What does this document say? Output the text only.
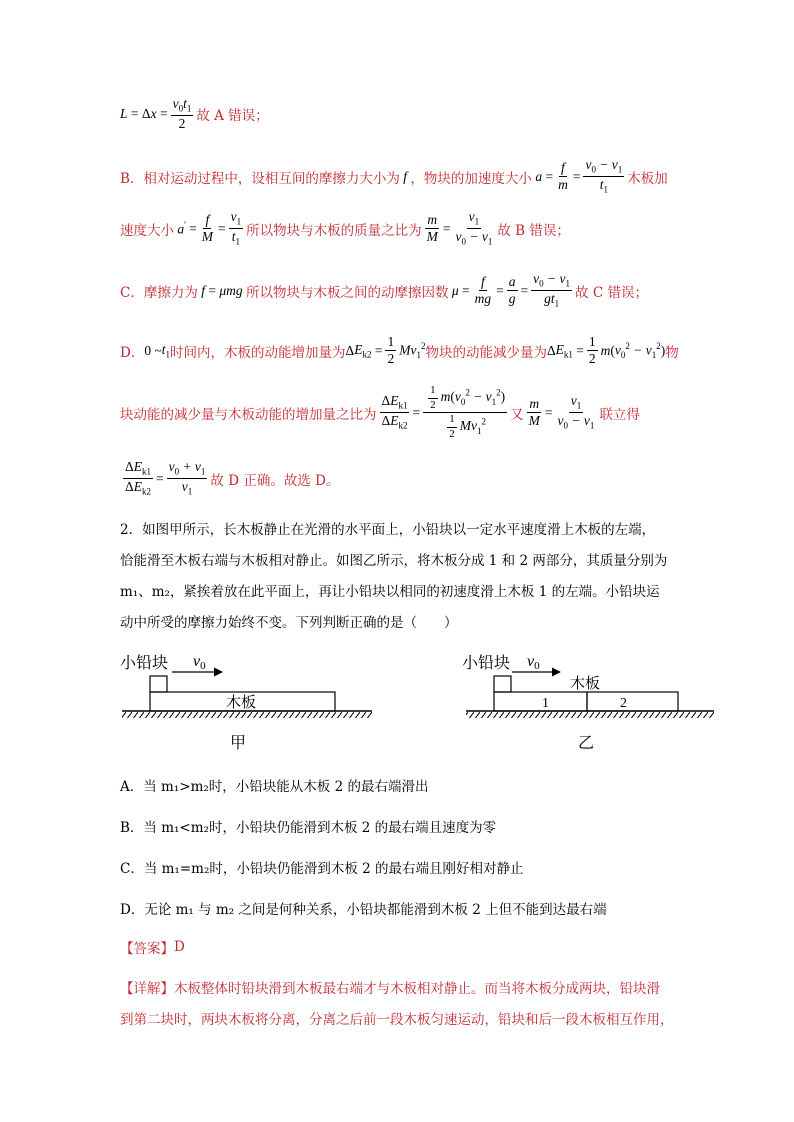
L = Δ $x = \frac{v_0t_1}{2}$ 故 A 错误；
B．相对运动过程中，设相互间的摩擦力大小为 f ，物块的加速度大小 $a = \frac{f}{m} = \frac{v_0 - v_1}{t_1}$ 木板加
速度大小 $a' = \frac{f}{M} = \frac{v_1}{t_1}$ 所以物块与木板的质量之比为 $\frac{m}{M} = \frac{v_1}{v_0 - v_1}$ 故 B 错误；
C．摩擦力为 f = μmg 所以物块与木板之间的动摩擦因数 $\mu = \frac{f}{mg} = \frac{a}{g} = \frac{v_0 - v_1}{gt_1}$ 故 C 错误；
D． 0 ~ $t_1$ 时间内，木板的动能增加量为 Δ $E_{k2} = \frac{1}{2} Mv_1^2$ 物块的动能减少量为 Δ $E_{k1} = \frac{1}{2}$ m ( $v_0^2 - v_1^2$ ) 物
块动能的减少量与木板动能的增加量之比为 $\frac{\Delta E_{k1}}{\Delta E_{k2}} = \frac{\frac{1}{2} m(v_0^2 - v_1^2)}{\frac{1}{2} Mv_1^2}$ 又 $\frac{m}{M} = \frac{v_1}{v_0 - v_1}$ 联立得
$\frac{\Delta E_{k1}}{\Delta E_{k2}} = \frac{v_0 + v_1}{v_1}$ 故 D 正确。故选 D。
2．如图甲所示，长木板静止在光滑的水平面上，小铅块以一定水平速度滑上木板的左端，
恰能滑至木板右端与木板相对静止。如图乙所示，将木板分成 1 和 2 两部分，其质量分别为
m₁、m₂，紧挨着放在此平面上，再让小铅块以相同的初速度滑上木板 1 的左端。小铅块运
动中所受的摩擦力始终不变。下列判断正确的是（　　）
小铅块 v0
木板
甲
小铅块 v0
木板
1	2
乙
A．当 m₁>m₂时，小铅块能从木板 2 的最右端滑出
B．当 m₁<m₂时，小铅块仍能滑到木板 2 的最右端且速度为零
C．当 m₁=m₂时，小铅块仍能滑到木板 2 的最右端且刚好相对静止
D．无论 m₁ 与 m₂ 之间是何种关系，小铅块都能滑到木板 2 上但不能到达最右端
【答案】 D
【详解】 木板整体时铅块滑到木板最右端才与木板相对静止。而当将木板分成两块，铅块滑
到第二块时，两块木板将分离，分离之后前一段木板匀速运动，铅块和后一段木板相互作用，
